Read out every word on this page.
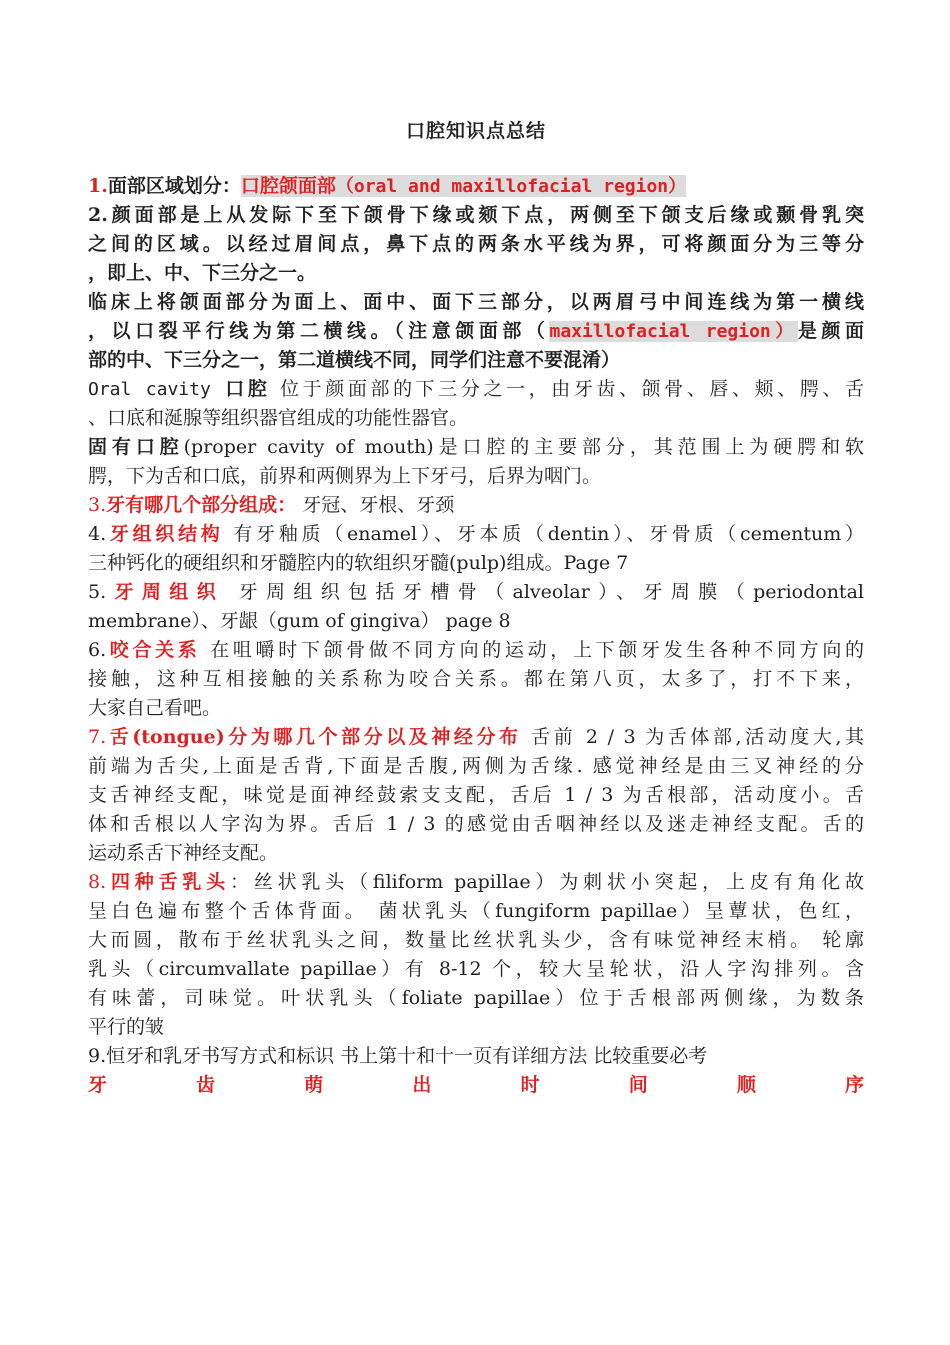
口腔知识点总结
1.面部区域划分：口腔颌面部（oral and maxillofacial region）
2.颜面部是上从发际下至下颌骨下缘或颏下点，两侧至下颌支后缘或颞骨乳突
之间的区域。以经过眉间点，鼻下点的两条水平线为界，可将颜面分为三等分
，即上、中、下三分之一。
临床上将颌面部分为面上、面中、面下三部分，以两眉弓中间连线为第一横线
，以口裂平行线为第二横线。（注意颌面部（maxillofacial region）是颜面
部的中、下三分之一，第二道横线不同，同学们注意不要混淆）
Oral cavity 口腔 位于颜面部的下三分之一，由牙齿、颌骨、唇、颊、腭、舌
、口底和涎腺等组织器官组成的功能性器官。
固有口腔(proper cavity of mouth)是口腔的主要部分，其范围上为硬腭和软
腭，下为舌和口底，前界和两侧界为上下牙弓，后界为咽门。
3.牙有哪几个部分组成： 牙冠、牙根、牙颈
4.牙组织结构 有牙釉质（enamel）、牙本质（dentin）、牙骨质（cementum）
三种钙化的硬组织和牙髓腔内的软组织牙髓(pulp)组成。Page 7
5.牙周组织 牙周组织包括牙槽骨（alveolar）、牙周膜（periodontal
membrane）、牙龈（gum of gingiva） page 8
6.咬合关系 在咀嚼时下颌骨做不同方向的运动，上下颌牙发生各种不同方向的
接触，这种互相接触的关系称为咬合关系。都在第八页，太多了，打不下来，
大家自己看吧。
7.舌(tongue)分为哪几个部分以及神经分布 舌前 2 / 3 为舌体部,活动度大,其
前端为舌尖,上面是舌背,下面是舌腹,两侧为舌缘. 感觉神经是由三叉神经的分
支舌神经支配，味觉是面神经鼓索支支配，舌后 1 / 3 为舌根部，活动度小。舌
体和舌根以人字沟为界。舌后 1 / 3 的感觉由舌咽神经以及迷走神经支配。舌的
运动系舌下神经支配。
8.四种舌乳头：丝状乳头（filiform papillae）为刺状小突起，上皮有角化故
呈白色遍布整个舌体背面。 菌状乳头（fungiform papillae）呈蕈状，色红，
大而圆，散布于丝状乳头之间，数量比丝状乳头少，含有味觉神经末梢。 轮廓
乳头（circumvallate papillae）有 8-12 个，较大呈轮状，沿人字沟排列。含
有味蕾，司味觉。叶状乳头（foliate papillae）位于舌根部两侧缘，为数条
平行的皱
9.恒牙和乳牙书写方式和标识 书上第十和十一页有详细方法 比较重要必考
牙	齿	萌	出	时	间	顺	序
